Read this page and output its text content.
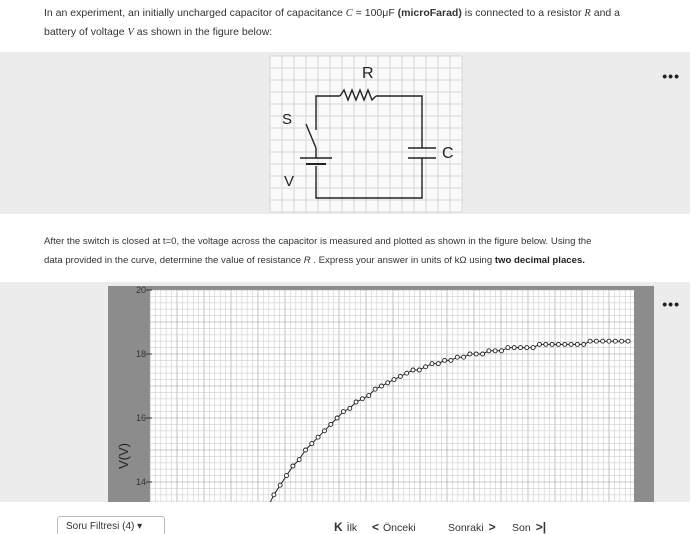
In an experiment, an initially uncharged capacitor of capacitance C = 100μF (microFarad) is connected to a resistor R and a
battery of voltage V as shown in the figure below:
R
S
C
V
•••
After the switch is closed at t=0, the voltage across the capacitor is measured and plotted as shown in the figure below. Using the
data provided in the curve, determine the value of resistance R . Express your answer in units of kΩ using two decimal places.
14
16
18
20
V(V)
•••
Soru Filtresi (4) ▾	K İlk < Önceki	Sonraki >	Son >|
